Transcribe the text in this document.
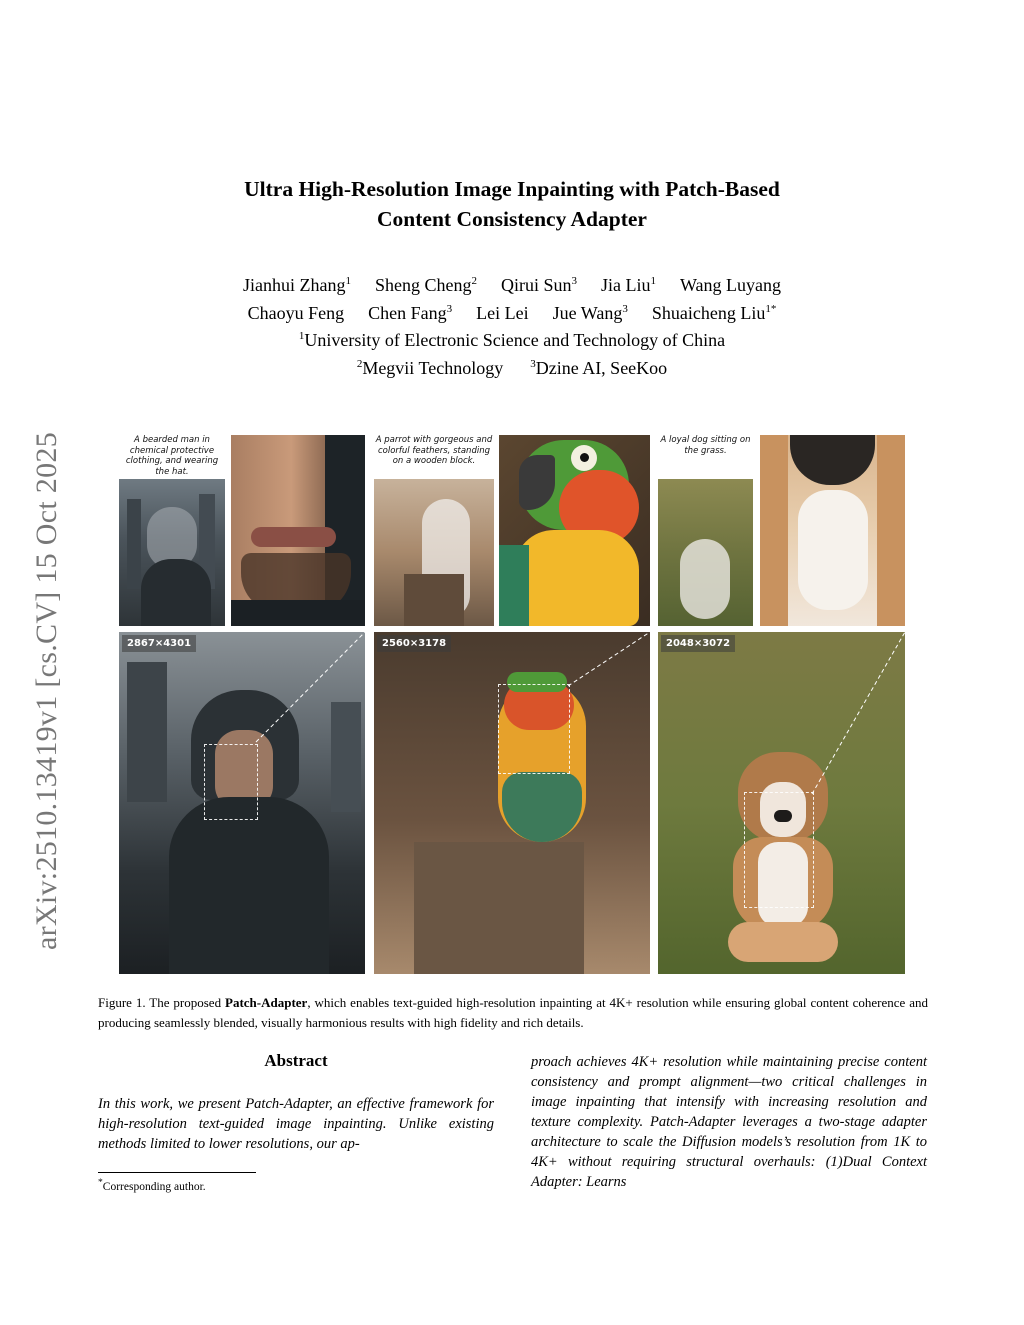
arXiv:2510.13419v1 [cs.CV] 15 Oct 2025
Ultra High-Resolution Image Inpainting with Patch-Based
Content Consistency Adapter
Jianhui Zhang$^1$ Sheng Cheng$^2$ Qirui Sun$^3$ Jia Liu$^1$ Wang Luyang
Chaoyu Feng Chen Fang$^3$ Lei Lei Jue Wang$^3$ Shuaicheng Liu$^{1*}$
$^1$University of Electronic Science and Technology of China
$^2$Megvii Technology $^3$Dzine AI, SeeKoo
A bearded man in chemical protective clothing, and wearing the hat.
2867×4301
A parrot with gorgeous and colorful feathers, standing on a wooden block.
2560×3178
A loyal dog sitting on the grass.
2048×3072
Figure 1. The proposed Patch-Adapter, which enables text-guided high-resolution inpainting at 4K+ resolution while ensuring global content coherence and producing seamlessly blended, visually harmonious results with high fidelity and rich details.
Abstract
In this work, we present Patch-Adapter, an effective framework for high-resolution text-guided image inpainting. Unlike existing methods limited to lower resolutions, our ap-
proach achieves 4K+ resolution while maintaining precise content consistency and prompt alignment—two critical challenges in image inpainting that intensify with increasing resolution and texture complexity. Patch-Adapter leverages a two-stage adapter architecture to scale the Diffusion models’s resolution from 1K to 4K+ without requiring structural overhauls: (1)Dual Context Adapter: Learns
*Corresponding author.
